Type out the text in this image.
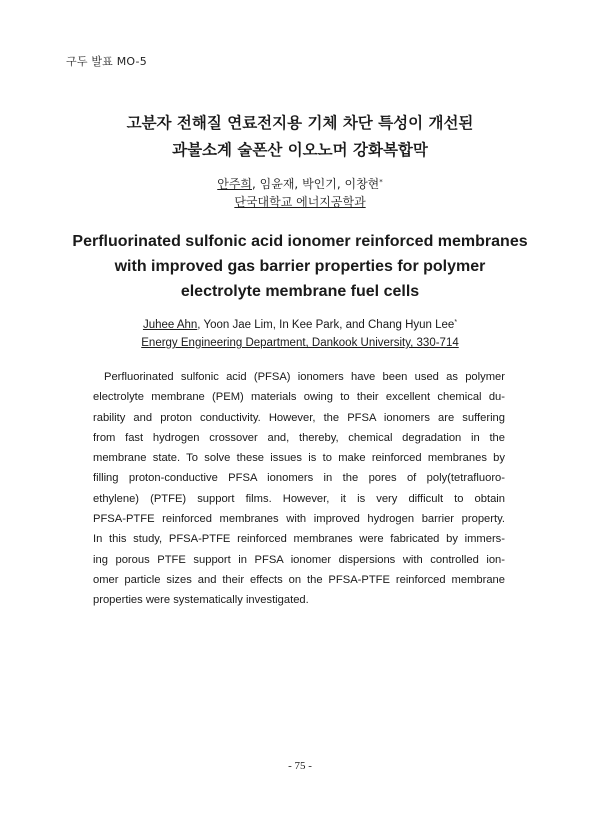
구두 발표 MO-5
고분자 전해질 연료전지용 기체 차단 특성이 개선된
과불소계 술폰산 이오노머 강화복합막
안주희, 임윤재, 박인기, 이창현*
단국대학교 에너지공학과
Perfluorinated sulfonic acid ionomer reinforced membranes
with improved gas barrier properties for polymer
electrolyte membrane fuel cells
Juhee Ahn, Yoon Jae Lim, In Kee Park, and Chang Hyun Lee*
Energy Engineering Department, Dankook University, 330-714
Perfluorinated sulfonic acid (PFSA) ionomers have been used as polymer
electrolyte membrane (PEM) materials owing to their excellent chemical du-
rability and proton conductivity. However, the PFSA ionomers are suffering
from fast hydrogen crossover and, thereby, chemical degradation in the
membrane state. To solve these issues is to make reinforced membranes by
filling proton-conductive PFSA ionomers in the pores of poly(tetrafluoro-
ethylene) (PTFE) support films. However, it is very difficult to obtain
PFSA-PTFE reinforced membranes with improved hydrogen barrier property.
In this study, PFSA-PTFE reinforced membranes were fabricated by immers-
ing porous PTFE support in PFSA ionomer dispersions with controlled ion-
omer particle sizes and their effects on the PFSA-PTFE reinforced membrane
properties were systematically investigated.
- 75 -
